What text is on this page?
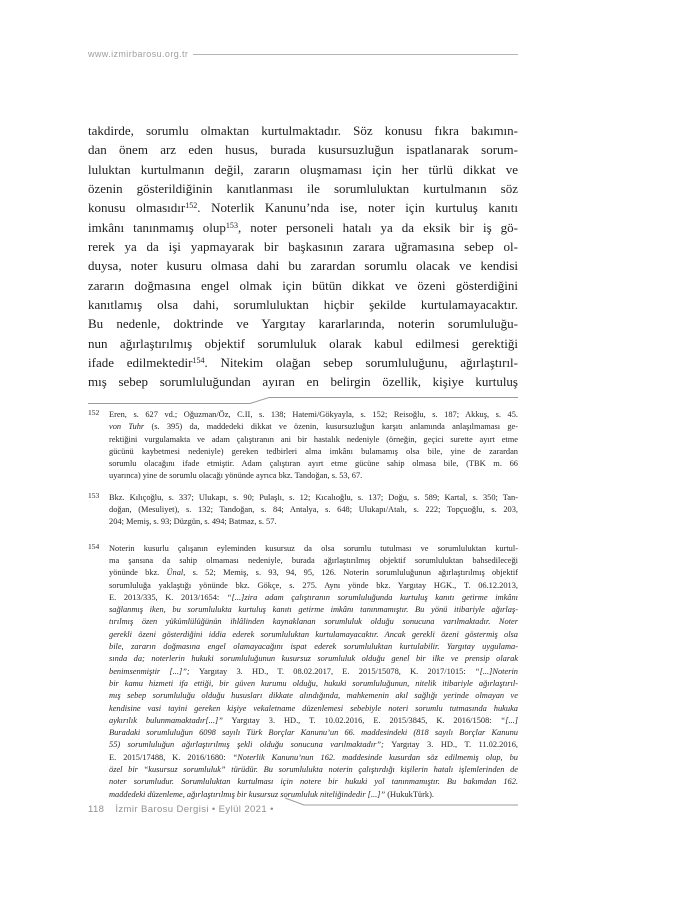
www.izmirbarosu.org.tr
takdirde, sorumlu olmaktan kurtulmaktadır. Söz konusu fıkra bakımın-
dan önem arz eden husus, burada kusursuzluğun ispatlanarak sorum-
luluktan kurtulmanın değil, zararın oluşmaması için her türlü dikkat ve
özenin gösterildiğinin kanıtlanması ile sorumluluktan kurtulmanın söz
konusu olmasıdır$^{152}$. Noterlik Kanunu’nda ise, noter için kurtuluş kanıtı
imkânı tanınmamış olup$^{153}$, noter personeli hatalı ya da eksik bir iş gö-
rerek ya da işi yapmayarak bir başkasının zarara uğramasına sebep ol-
duysa, noter kusuru olmasa dahi bu zarardan sorumlu olacak ve kendisi
zararın doğmasına engel olmak için bütün dikkat ve özeni gösterdiğini
kanıtlamış olsa dahi, sorumluluktan hiçbir şekilde kurtulamayacaktır.
Bu nedenle, doktrinde ve Yargıtay kararlarında, noterin sorumluluğu-
nun ağırlaştırılmış objektif sorumluluk olarak kabul edilmesi gerektiği
ifade edilmektedir$^{154}$. Nitekim olağan sebep sorumluluğunu, ağırlaştırıl-
mış sebep sorumluluğundan ayıran en belirgin özellik, kişiye kurtuluş
152 Eren, s. 627 vd.; Oğuzman/Öz, C.II, s. 138; Hatemi/Gökyayla, s. 152; Reisoğlu, s. 187; Akkuş, s. 45.
von Tuhr (s. 395) da, maddedeki dikkat ve özenin, kusursuzluğun karşıtı anlamında anlaşılmaması ge-
rektiğini vurgulamakta ve adam çalıştıranın ani bir hastalık nedeniyle (örneğin, geçici surette ayırt etme
gücünü kaybetmesi nedeniyle) gereken tedbirleri alma imkânı bulamamış olsa bile, yine de zarardan
sorumlu olacağını ifade etmiştir. Adam çalıştıran ayırt etme gücüne sahip olmasa bile, (TBK m. 66
uyarınca) yine de sorumlu olacağı yönünde ayrıca bkz. Tandoğan, s. 53, 67.
153 Bkz. Kılıçoğlu, s. 337; Ulukapı, s. 90; Pulaşlı, s. 12; Kıcalıoğlu, s. 137; Doğu, s. 589; Kartal, s. 350; Tan-
doğan, (Mesuliyet), s. 132; Tandoğan, s. 84; Antalya, s. 648; Ulukapı/Atalı, s. 222; Topçuoğlu, s. 203,
204; Memiş, s. 93; Düzgün, s. 494; Batmaz, s. 57.
154 Noterin kusurlu çalışanın eyleminden kusursuz da olsa sorumlu tutulması ve sorumluluktan kurtul-
ma şansına da sahip olmaması nedeniyle, burada ağırlaştırılmış objektif sorumluluktan bahsedileceği
yönünde bkz. Ünal, s. 52; Memiş, s. 93, 94, 95, 126. Noterin sorumluluğunun ağırlaştırılmış objektif
sorumluluğa yaklaştığı yönünde bkz. Gökçe, s. 275. Aynı yönde bkz. Yargıtay HGK., T. 06.12.2013,
E. 2013/335, K. 2013/1654: “[...]zira adam çalıştıranın sorumluluğunda kurtuluş kanıtı getirme imkânı
sağlanmış iken, bu sorumlulukta kurtuluş kanıtı getirme imkânı tanınmamıştır. Bu yönü itibariyle ağırlaş-
tırılmış özen yükümlülüğünün ihlâlinden kaynaklanan sorumluluk olduğu sonucuna varılmaktadır. Noter
gerekli özeni gösterdiğini iddia ederek sorumluluktan kurtulamayacaktır. Ancak gerekli özeni göstermiş olsa
bile, zararın doğmasına engel olamayacağını ispat ederek sorumluluktan kurtulabilir. Yargıtay uygulama-
sında da; noterlerin hukuki sorumluluğunun kusursuz sorumluluk olduğu genel bir ilke ve prensip olarak
benimsenmiştir [...]”; Yargıtay 3. HD., T. 08.02.2017, E. 2015/15078, K. 2017/1015: “[...]Noterin
bir kamu hizmeti ifa ettiği, bir güven kurumu olduğu, hukuki sorumluluğunun, nitelik itibariyle ağırlaştırıl-
mış sebep sorumluluğu olduğu hususları dikkate alındığında, mahkemenin akıl sağlığı yerinde olmayan ve
kendisine vasi tayini gereken kişiye vekaletname düzenlemesi sebebiyle noteri sorumlu tutmasında hukuka
aykırılık bulunmamaktadır[...]” Yargıtay 3. HD., T. 10.02.2016, E. 2015/3845, K. 2016/1508: “[...]
Buradaki sorumluluğun 6098 sayılı Türk Borçlar Kanunu’un 66. maddesindeki (818 sayılı Borçlar Kanunu
55) sorumluluğun ağırlaştırılmış şekli olduğu sonucuna varılmaktadır”; Yargıtay 3. HD., T. 11.02.2016,
E. 2015/17488, K. 2016/1680: “Noterlik Kanunu’nun 162. maddesinde kusurdan söz edilmemiş olup, bu
özel bir “kusursuz sorumluluk” türüdür. Bu sorumlulukta noterin çalıştırdığı kişilerin hatalı işlemlerinden de
noter sorumludur. Sorumluluktan kurtulması için notere bir hukuki yol tanınmamıştır. Bu bakımdan 162.
maddedeki düzenleme, ağırlaştırılmış bir kusursuz sorumluluk niteliğindedir [...]” (HukukTürk).
118 İzmir Barosu Dergisi • Eylül 2021 •
